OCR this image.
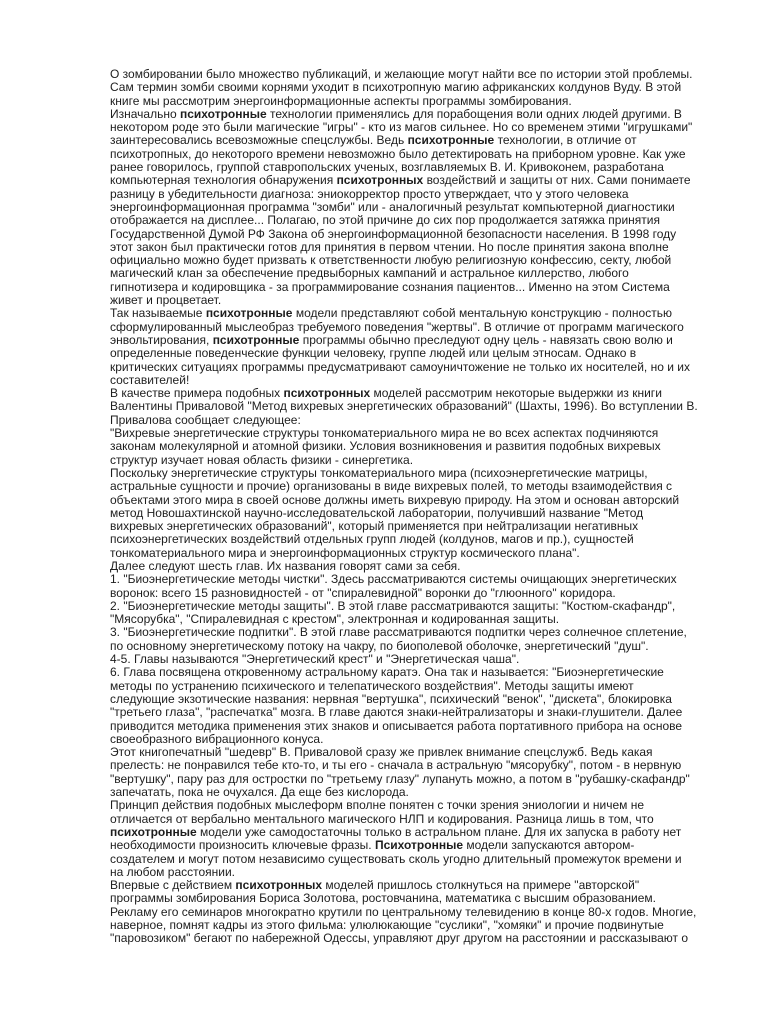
О зомбировании было множество публикаций, и желающие могут найти все по истории этой проблемы.
Сам термин зомби своими корнями уходит в психотропную магию африканских колдунов Вуду. В этой
книге мы рассмотрим энергоинформационные аспекты программы зомбирования.
Изначально психотронные технологии применялись для порабощения воли одних людей другими. В
некотором роде это были магические "игры" - кто из магов сильнее. Но со временем этими "игрушками"
заинтересовались всевозможные спецслужбы. Ведь психотронные технологии, в отличие от
психотропных, до некоторого времени невозможно было детектировать на приборном уровне. Как уже
ранее говорилось, группой ставропольских ученых, возглавляемых В. И. Кривоконем, разработана
компьютерная технология обнаружения психотронных воздействий и защиты от них. Сами понимаете
разницу в убедительности диагноза: эниокорректор просто утверждает, что у этого человека
энергоинформационная программа "зомби" или - аналогичный результат компьютерной диагностики
отображается на дисплее... Полагаю, по этой причине до сих пор продолжается затяжка принятия
Государственной Думой РФ Закона об энергоинформационной безопасности населения. В 1998 году
этот закон был практически готов для принятия в первом чтении. Но после принятия закона вполне
официально можно будет призвать к ответственности любую религиозную конфессию, секту, любой
магический клан за обеспечение предвыборных кампаний и астральное киллерство, любого
гипнотизера и кодировщика - за программирование сознания пациентов... Именно на этом Система
живет и процветает.
Так называемые психотронные модели представляют собой ментальную конструкцию - полностью
сформулированный мыслеобраз требуемого поведения "жертвы". В отличие от программ магического
энвольтирования, психотронные программы обычно преследуют одну цель - навязать свою волю и
определенные поведенческие функции человеку, группе людей или целым этносам. Однако в
критических ситуациях программы предусматривают самоуничтожение не только их носителей, но и их
составителей!
В качестве примера подобных психотронных моделей рассмотрим некоторые выдержки из книги
Валентины Приваловой "Метод вихревых энергетических образований" (Шахты, 1996). Во вступлении В.
Привалова сообщает следующее:
"Вихревые энергетические структуры тонкоматериального мира не во всех аспектах подчиняются
законам молекулярной и атомной физики. Условия возникновения и развития подобных вихревых
структур изучает новая область физики - синергетика.
Поскольку энергетические структуры тонкоматериального мира (психоэнергетические матрицы,
астральные сущности и прочие) организованы в виде вихревых полей, то методы взаимодействия с
объектами этого мира в своей основе должны иметь вихревую природу. На этом и основан авторский
метод Новошахтинской научно-исследовательской лаборатории, получивший название "Метод
вихревых энергетических образований", который применяется при нейтрализации негативных
психоэнергетических воздействий отдельных групп людей (колдунов, магов и пр.), сущностей
тонкоматериального мира и энергоинформационных структур космического плана".
Далее следуют шесть глав. Их названия говорят сами за себя.
1. "Биоэнергетические методы чистки". Здесь рассматриваются системы очищающих энергетических
воронок: всего 15 разновидностей - от "спиралевидной" воронки до "глюонного" коридора.
2. "Биоэнергетические методы защиты". В этой главе рассматриваются защиты: "Костюм-скафандр",
"Мясорубка", "Спиралевидная с крестом", электронная и кодированная защиты.
3. "Биоэнергетические подпитки". В этой главе рассматриваются подпитки через солнечное сплетение,
по основному энергетическому потоку на чакру, по биополевой оболочке, энергетический "душ".
4-5. Главы называются "Энергетический крест" и "Энергетическая чаша".
6. Глава посвящена откровенному астральному каратэ. Она так и называется: "Биоэнергетические
методы по устранению психического и телепатического воздействия". Методы защиты имеют
следующие экзотические названия: нервная "вертушка", психический "венок", "дискета", блокировка
"третьего глаза", "распечатка" мозга. В главе даются знаки-нейтрализаторы и знаки-глушители. Далее
приводится методика применения этих знаков и описывается работа портативного прибора на основе
своеобразного вибрационного конуса.
Этот книгопечатный "шедевр" В. Приваловой сразу же привлек внимание спецслужб. Ведь какая
прелесть: не понравился тебе кто-то, и ты его - сначала в астральную "мясорубку", потом - в нервную
"вертушку", пару раз для остростки по "третьему глазу" лупануть можно, а потом в "рубашку-скафандр"
запечатать, пока не очухался. Да еще без кислорода.
Принцип действия подобных мыслеформ вполне понятен с точки зрения эниологии и ничем не
отличается от вербально ментального магического НЛП и кодирования. Разница лишь в том, что
психотронные модели уже самодостаточны только в астральном плане. Для их запуска в работу нет
необходимости произносить ключевые фразы. Психотронные модели запускаются автором-
создателем и могут потом независимо существовать сколь угодно длительный промежуток времени и
на любом расстоянии.
Впервые с действием психотронных моделей пришлось столкнуться на примере "авторской"
программы зомбирования Бориса Золотова, ростовчанина, математика с высшим образованием.
Рекламу его семинаров многократно крутили по центральному телевидению в конце 80-х годов. Многие,
наверное, помнят кадры из этого фильма: улюлюкающие "суслики", "хомяки" и прочие подвинутые
"паровозиком" бегают по набережной Одессы, управляют друг другом на расстоянии и рассказывают о
